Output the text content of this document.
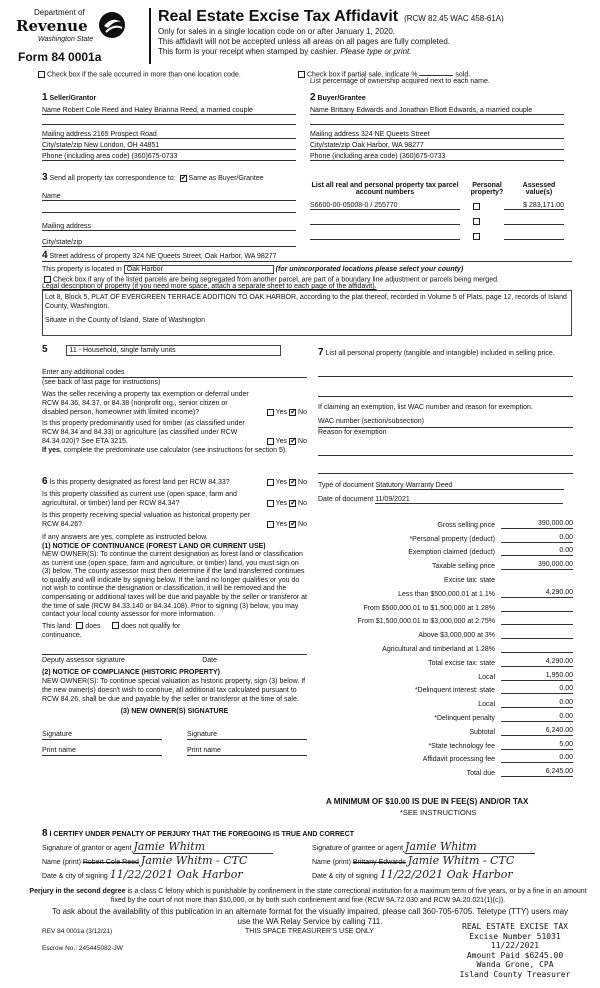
Department of
Revenue
Washington State
Form 84 0001a
Real Estate Excise Tax Affidavit (RCW 82.45 WAC 458-61A)
Only for sales in a single location code on or after January 1, 2020.
This affidavit will not be accepted unless all areas on all pages are fully completed.
This form is your receipt when stamped by cashier. Please type or print.
Check box if the sale occurred in more than one location code.	Check box if partial sale, indicate %	sold.
List percentage of ownership acquired next to each name.
1 Seller/Grantor
Name Robert Cole Reed and Haley Brianna Reed, a married couple
Mailing address 2165 Prospect Road
City/state/zip New London, OH 44851
Phone (including area code) (360)675-0733
2 Buyer/Grantee
Name Brittany Edwards and Jonathan Elliott Edwards, a married couple
Mailing address 324 NE Queets Street
City/state/zip Oak Harbor, WA 98277
Phone (including area code) (360)675-0733
3 Send all property tax correspondence to: ✓ Same as Buyer/Grantee
Name
Mailing address
City/state/zip
List all real and personal property tax parcel account numbers
Personal property?
Assessed value(s)
S6600-00-05008-0 / 255770	$ 283,171.00
4 Street address of property 324 NE Queets Street, Oak Harbor, WA 98277
This property is located in Oak Harbor	(for unincorporated locations please select your county)
Check box if any of the listed parcels are being segregated from another parcel, are part of a boundary line adjustment or parcels being merged.
Legal description of property (if you need more space, attach a separate sheet to each page of the affidavit).
Lot 8, Block 5, PLAT OF EVERGREEN TERRACE ADDITION TO OAK HARBOR, according to the plat thereof, recorded in Volume 5 of Plats, page 12, records of Island County, Washington.
Situate in the County of Island, State of Washington
5	11 - Household, single family units
Enter any additional codes
(see back of last page for instructions)
Was the seller receiving a property tax exemption or deferral under RCW 84.36, 84.37, or 84.38 (nonprofit org., senior citizen or disabled person, homeowner with limited income)?	Yes ✓ No
Is this property predominantly used for timber (as classified under RCW 84.34 and 84.33) or agriculture (as classified under RCW 84.34.020)? See ETA 3215.	Yes ✓ No
If yes, complete the predominate use calculator (see instructions for section 5).
7 List all personal property (tangible and intangible) included in selling price.
If claiming an exemption, list WAC number and reason for exemption.
WAC number (section/subsection)
Reason for exemption
6 Is this property designated as forest land per RCW 84.33?	Yes ✓ No
Is this property classified as current use (open space, farm and agricultural, or timber) land per RCW 84.34?	Yes ✓ No
Is this property receiving special valuation as historical property per RCW 84.26?	Yes ✓ No
If any answers are yes, complete as instructed below.
(1) NOTICE OF CONTINUANCE (FOREST LAND OR CURRENT USE)
NEW OWNER(S): To continue the current designation as forest land or classification as current use (open space, farm and agriculture, or timber) land, you must sign on (3) below. The county assessor must then determine if the land transferred continues to qualify and will indicate by signing below. If the land no longer qualifies or you do not wish to continue the designation or classification, it will be removed and the compensating or additional taxes will be due and payable by the seller or transferor at the time of sale (RCW 84.33.140 or 84.34.108). Prior to signing (3) below, you may contact your local county assessor for more information.
This land: does	does not qualify for
continuance.
Deputy assessor signature	Date
(2) NOTICE OF COMPLIANCE (HISTORIC PROPERTY)
NEW OWNER(S): To continue special valuation as historic property, sign (3) below. If the new owner(s) doesn't wish to continue, all additional tax calculated pursuant to RCW 84.26, shall be due and payable by the seller or transferor at the time of sale.
(3) NEW OWNER(S) SIGNATURE
Signature	Signature
Print name	Print name
Type of document Statutory Warranty Deed
Date of document 11/09/2021
Gross selling price	390,000.00
*Personal property (deduct)	0.00
Exemption claimed (deduct)	0.00
Taxable selling price	390,000.00
Excise tax: state
Less than $500,000.01 at 1.1%	4,290.00
From $500,000.01 to $1,500,000 at 1.28%
From $1,500,000.01 to $3,000,000 at 2.75%
Above $3,000,000 at 3%
Agricultural and timberland at 1.28%
Total excise tax: state	4,290.00
Local	1,950.00
*Delinquent interest: state	0.00
Local	0.00
*Delinquent penalty	0.00
Subtotal	6,240.00
*State technology fee	5.00
Affidavit processing fee	0.00
Total due	6,245.00
A MINIMUM OF $10.00 IS DUE IN FEE(S) AND/OR TAX
*SEE INSTRUCTIONS
8 I CERTIFY UNDER PENALTY OF PERJURY THAT THE FOREGOING IS TRUE AND CORRECT
Signature of grantor or agent Jamie Whitm
Name (print) Robert Cole Reed Jamie Whitm - CTC
Date & city of signing 11/22/2021 Oak Harbor
Signature of grantee or agent Jamie Whitm
Name (print) Brittany Edwards Jamie Whitm - CTC
Date & city of signing 11/22/2021 Oak Harbor
Perjury in the second degree is a class C felony which is punishable by confinement in the state correctional institution for a maximum term of five years, or by a fine in an amount fixed by the court of not more than $10,000, or by both such confinement and fine (RCW 9A.72.030 and RCW 9A.20.021(1)(c)).
To ask about the availability of this publication in an alternate format for the visually impaired, please call 360-705-6705. Teletype (TTY) users may use the WA Relay Service by calling 711.
REV 84 0001a (3/12/21)	THIS SPACE TREASURER'S USE ONLY
Escrow No.: 245445082-JW
REAL ESTATE EXCISE TAX
Excise Number 51031
11/22/2021
Amount Paid $6245.00
Wanda Grone, CPA
Island County Treasurer
